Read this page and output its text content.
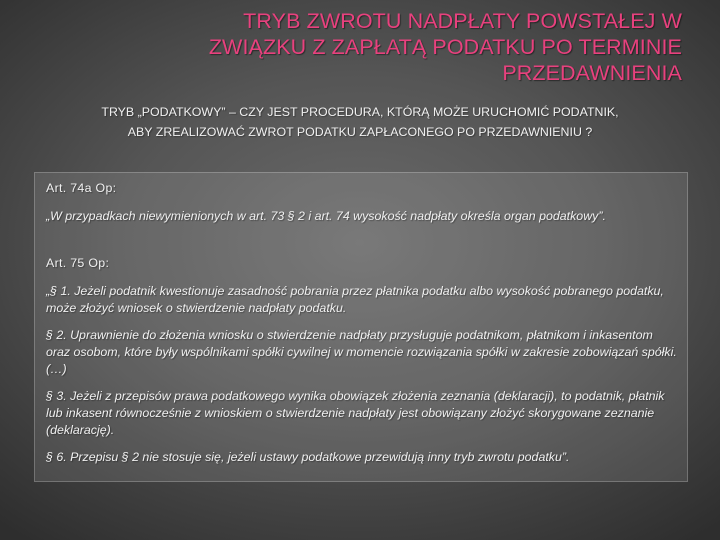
TRYB ZWROTU NADPŁATY POWSTAŁEJ W
ZWIĄZKU Z ZAPŁATĄ PODATKU PO TERMINIE
PRZEDAWNIENIA
TRYB „PODATKOWY” – CZY JEST PROCEDURA, KTÓRĄ MOŻE URUCHOMIĆ PODATNIK,
ABY ZREALIZOWAĆ ZWROT PODATKU ZAPŁACONEGO PO PRZEDAWNIENIU ?
Art. 74a Op:

„W przypadkach niewymienionych w art. 73 § 2 i art. 74 wysokość nadpłaty określa organ podatkowy”.

Art. 75 Op:

„§ 1. Jeżeli podatnik kwestionuje zasadność pobrania przez płatnika podatku albo wysokość pobranego podatku, może złożyć wniosek o stwierdzenie nadpłaty podatku.

§ 2. Uprawnienie do złożenia wniosku o stwierdzenie nadpłaty przysługuje podatnikom, płatnikom i inkasentom oraz osobom, które były wspólnikami spółki cywilnej w momencie rozwiązania spółki w zakresie zobowiązań spółki. (…)

§ 3. Jeżeli z przepisów prawa podatkowego wynika obowiązek złożenia zeznania (deklaracji), to podatnik, płatnik lub inkasent równocześnie z wnioskiem o stwierdzenie nadpłaty jest obowiązany złożyć skorygowane zeznanie (deklarację).

§ 6. Przepisu § 2 nie stosuje się, jeżeli ustawy podatkowe przewidują inny tryb zwrotu podatku”.
